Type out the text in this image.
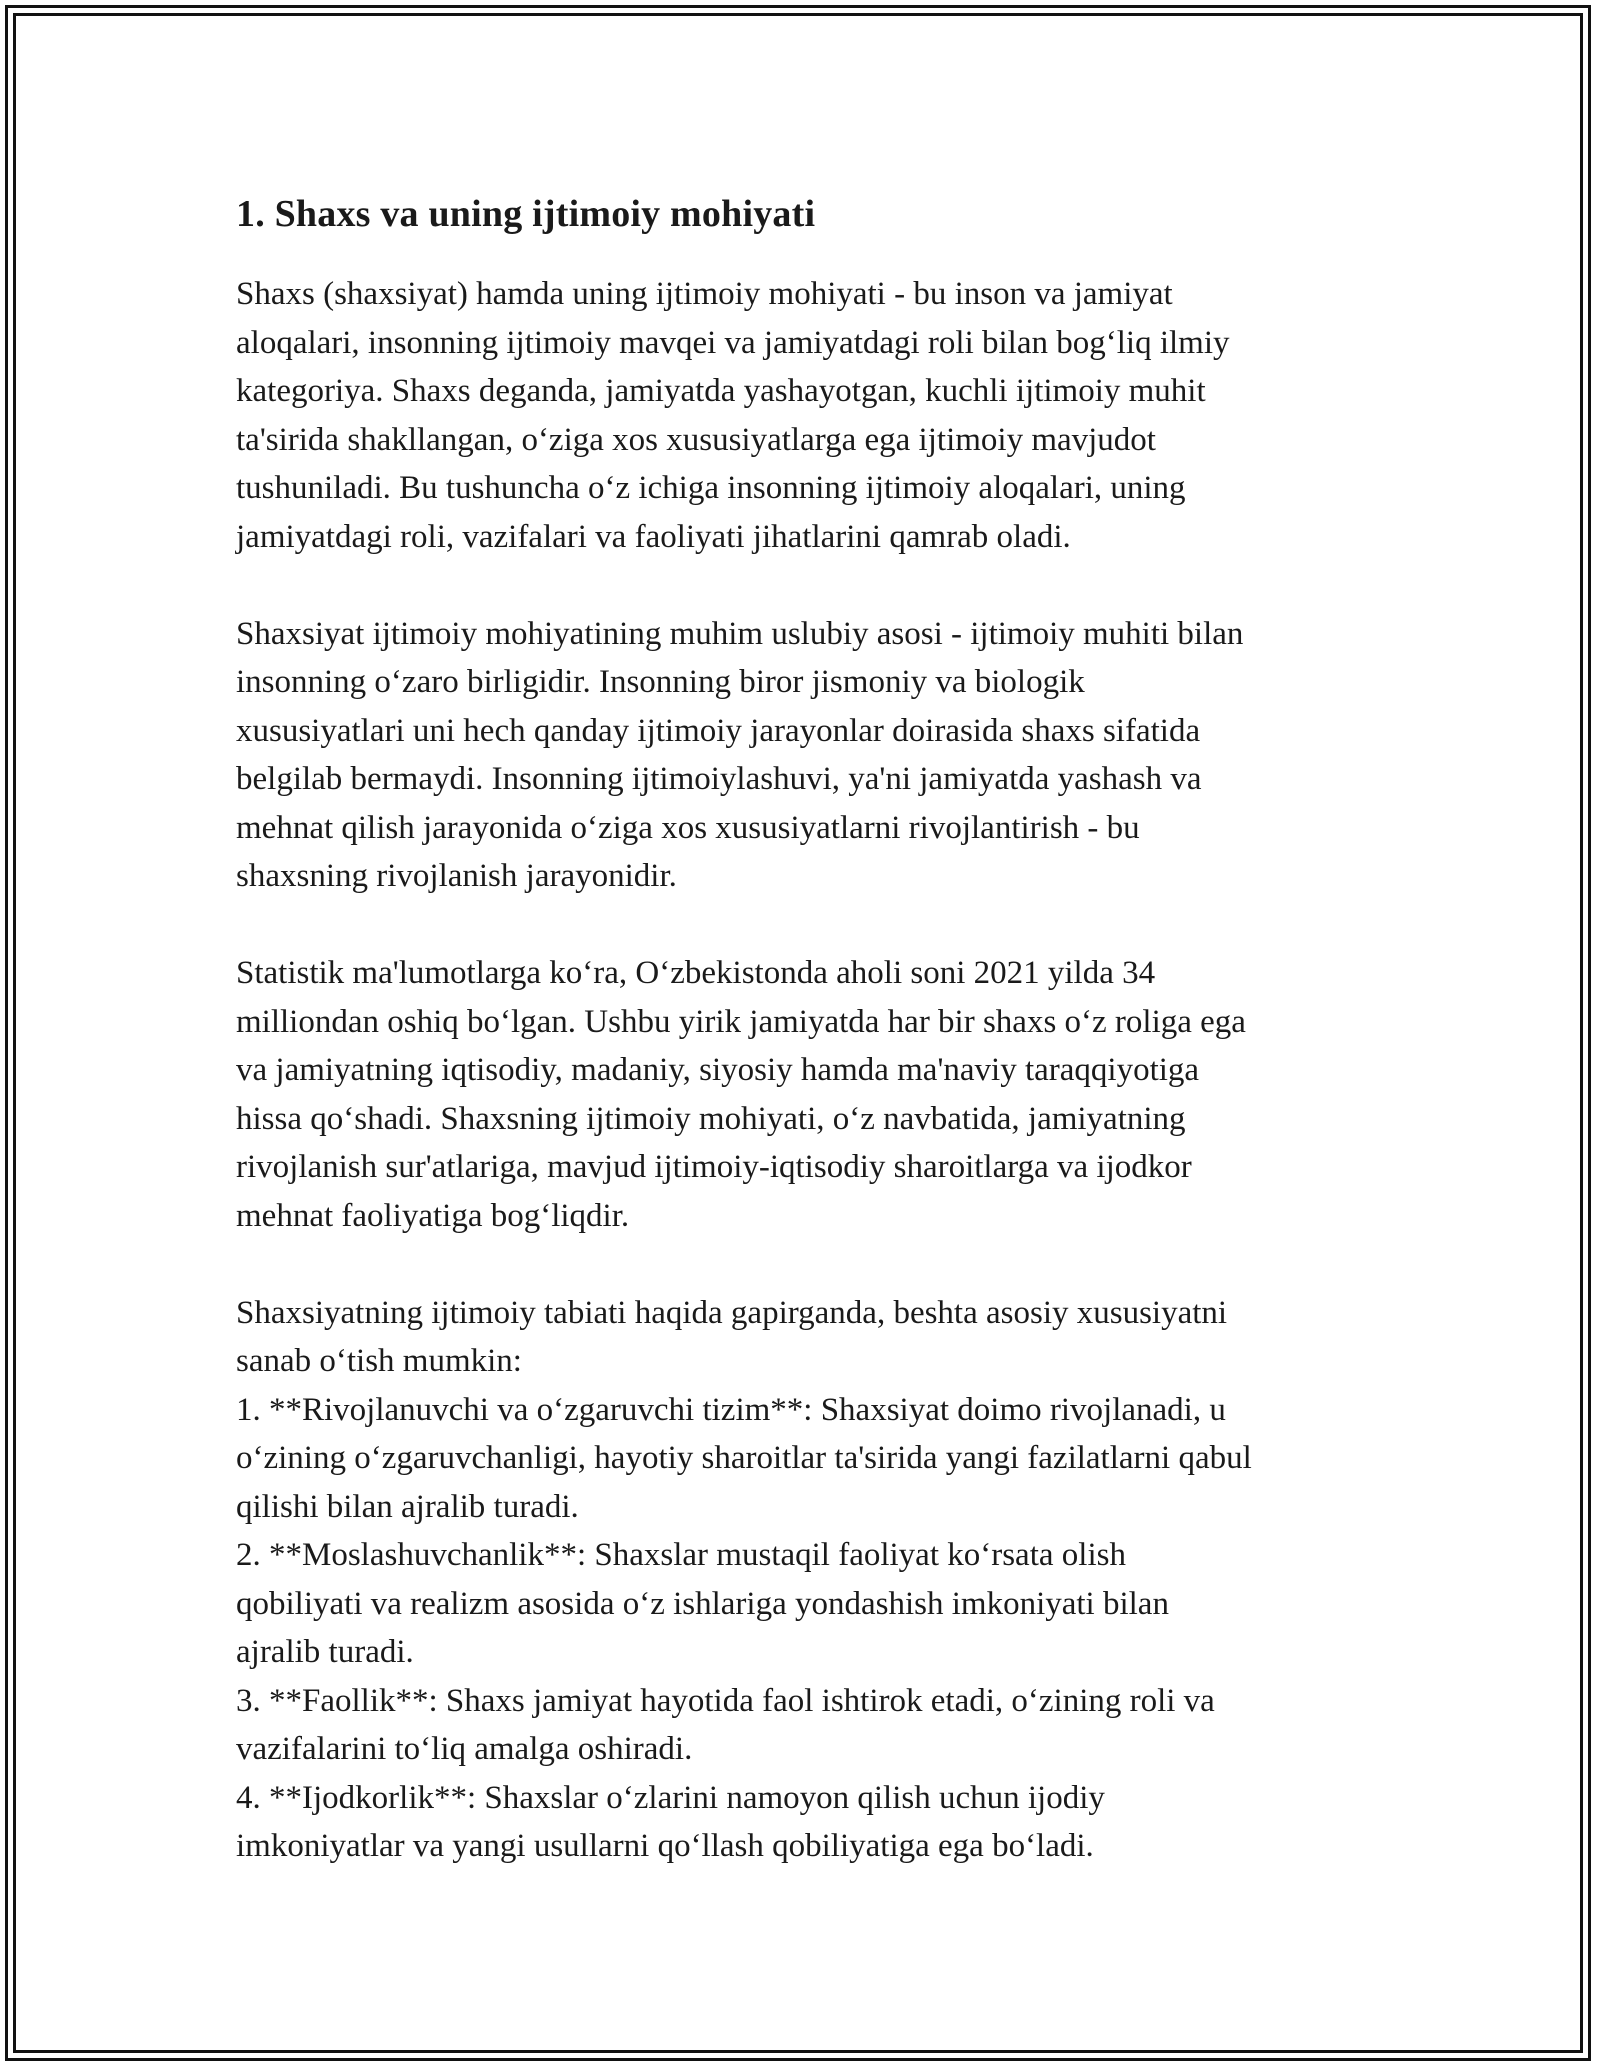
1. Shaxs va uning ijtimoiy mohiyati

Shaxs (shaxsiyat) hamda uning ijtimoiy mohiyati - bu inson va jamiyat
aloqalari, insonning ijtimoiy mavqei va jamiyatdagi roli bilan bog‘liq ilmiy
kategoriya. Shaxs deganda, jamiyatda yashayotgan, kuchli ijtimoiy muhit
ta'sirida shakllangan, o‘ziga xos xususiyatlarga ega ijtimoiy mavjudot
tushuniladi. Bu tushuncha o‘z ichiga insonning ijtimoiy aloqalari, uning
jamiyatdagi roli, vazifalari va faoliyati jihatlarini qamrab oladi.

Shaxsiyat ijtimoiy mohiyatining muhim uslubiy asosi - ijtimoiy muhiti bilan
insonning o‘zaro birligidir. Insonning biror jismoniy va biologik
xususiyatlari uni hech qanday ijtimoiy jarayonlar doirasida shaxs sifatida
belgilab bermaydi. Insonning ijtimoiylashuvi, ya'ni jamiyatda yashash va
mehnat qilish jarayonida o‘ziga xos xususiyatlarni rivojlantirish - bu
shaxsning rivojlanish jarayonidir.

Statistik ma'lumotlarga ko‘ra, O‘zbekistonda aholi soni 2021 yilda 34
milliondan oshiq bo‘lgan. Ushbu yirik jamiyatda har bir shaxs o‘z roliga ega
va jamiyatning iqtisodiy, madaniy, siyosiy hamda ma'naviy taraqqiyotiga
hissa qo‘shadi. Shaxsning ijtimoiy mohiyati, o‘z navbatida, jamiyatning
rivojlanish sur'atlariga, mavjud ijtimoiy-iqtisodiy sharoitlarga va ijodkor
mehnat faoliyatiga bog‘liqdir.

Shaxsiyatning ijtimoiy tabiati haqida gapirganda, beshta asosiy xususiyatni
sanab o‘tish mumkin:
1. **Rivojlanuvchi va o‘zgaruvchi tizim**: Shaxsiyat doimo rivojlanadi, u
o‘zining o‘zgaruvchanligi, hayotiy sharoitlar ta'sirida yangi fazilatlarni qabul
qilishi bilan ajralib turadi.
2. **Moslashuvchanlik**: Shaxslar mustaqil faoliyat ko‘rsata olish
qobiliyati va realizm asosida o‘z ishlariga yondashish imkoniyati bilan
ajralib turadi.
3. **Faollik**: Shaxs jamiyat hayotida faol ishtirok etadi, o‘zining roli va
vazifalarini to‘liq amalga oshiradi.
4. **Ijodkorlik**: Shaxslar o‘zlarini namoyon qilish uchun ijodiy
imkoniyatlar va yangi usullarni qo‘llash qobiliyatiga ega bo‘ladi.
